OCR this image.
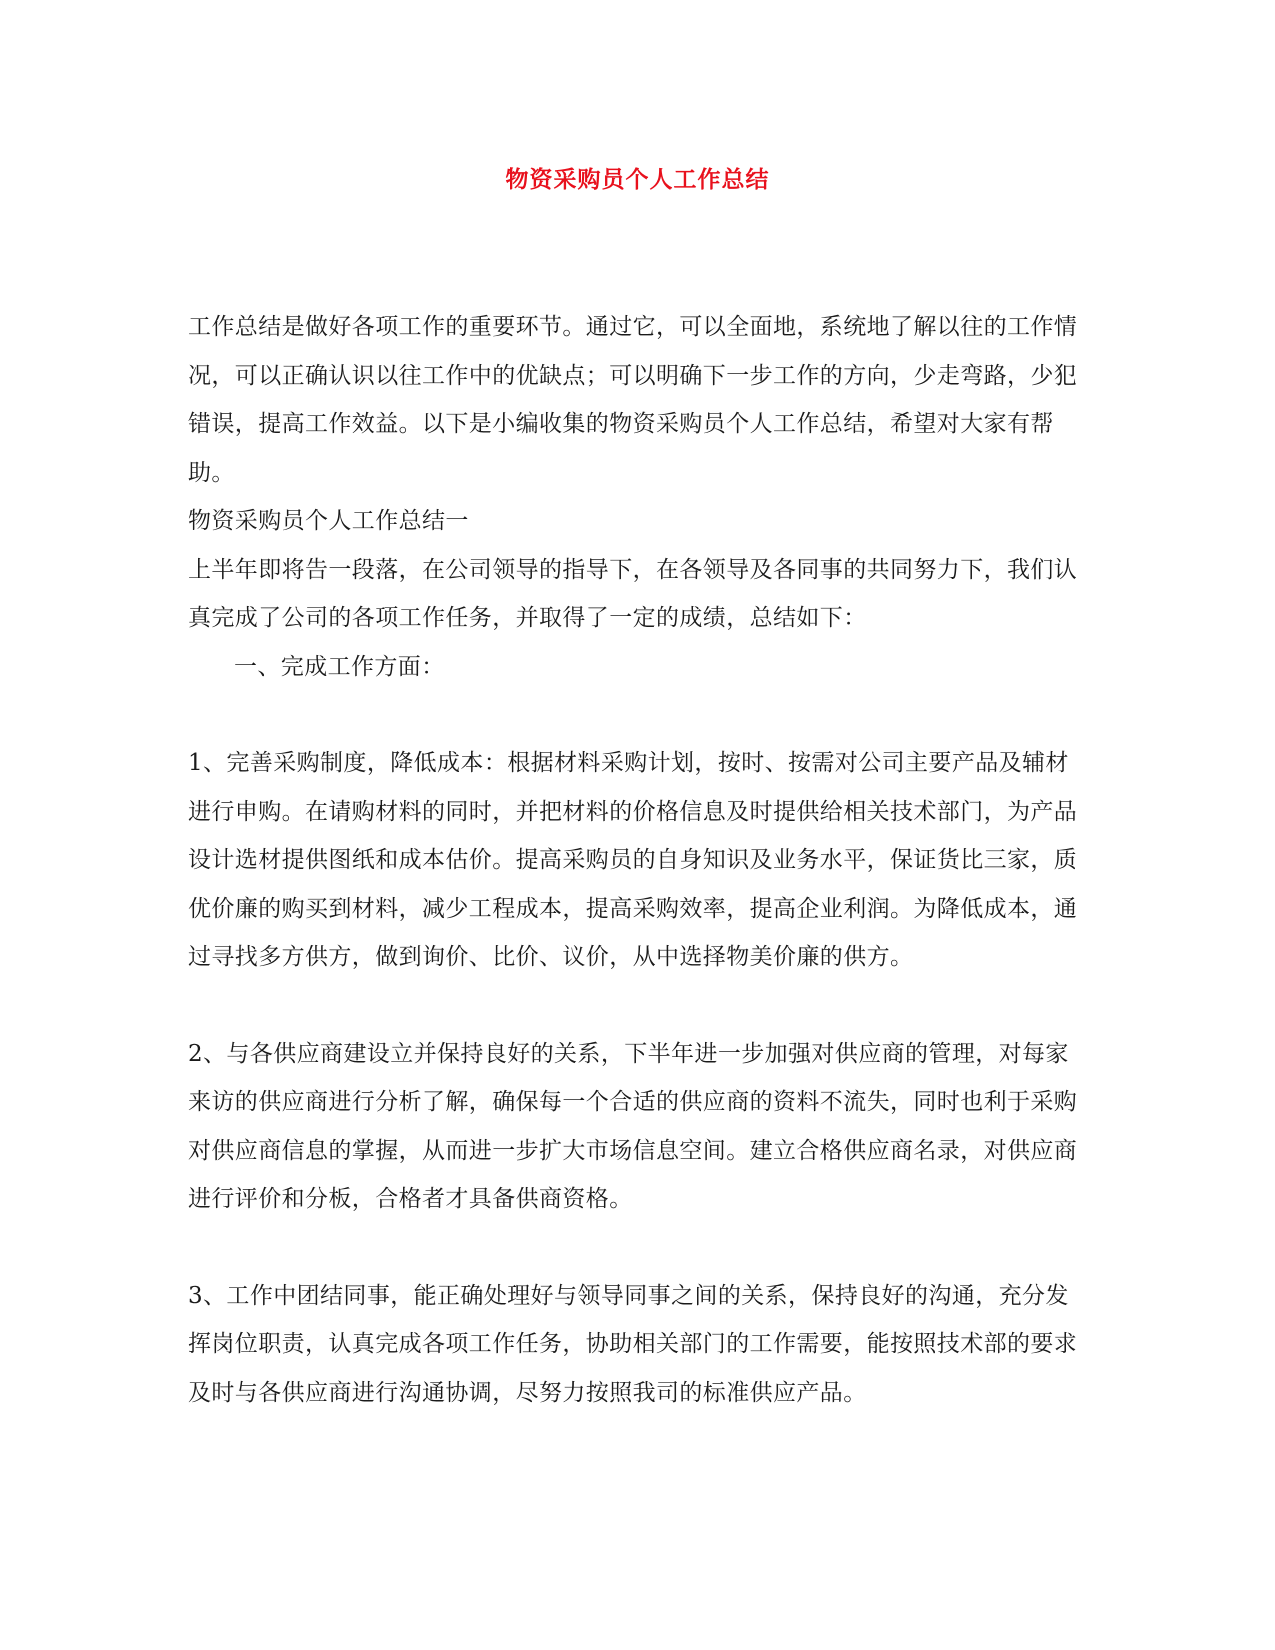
物资采购员个人工作总结

工作总结是做好各项工作的重要环节。通过它，可以全面地，系统地了解以往的工作情况，可以正确认识以往工作中的优缺点；可以明确下一步工作的方向，少走弯路，少犯错误，提高工作效益。以下是小编收集的物资采购员个人工作总结，希望对大家有帮助。

物资采购员个人工作总结一

上半年即将告一段落，在公司领导的指导下，在各领导及各同事的共同努力下，我们认真完成了公司的各项工作任务，并取得了一定的成绩，总结如下：

一、完成工作方面：

1、完善采购制度，降低成本：根据材料采购计划，按时、按需对公司主要产品及辅材进行申购。在请购材料的同时，并把材料的价格信息及时提供给相关技术部门，为产品设计选材提供图纸和成本估价。提高采购员的自身知识及业务水平，保证货比三家，质优价廉的购买到材料，减少工程成本，提高采购效率，提高企业利润。为降低成本，通过寻找多方供方，做到询价、比价、议价，从中选择物美价廉的供方。

2、与各供应商建设立并保持良好的关系，下半年进一步加强对供应商的管理，对每家来访的供应商进行分析了解，确保每一个合适的供应商的资料不流失，同时也利于采购对供应商信息的掌握，从而进一步扩大市场信息空间。建立合格供应商名录，对供应商进行评价和分板，合格者才具备供商资格。

3、工作中团结同事，能正确处理好与领导同事之间的关系，保持良好的沟通，充分发挥岗位职责，认真完成各项工作任务，协助相关部门的工作需要，能按照技术部的要求及时与各供应商进行沟通协调，尽努力按照我司的标准供应产品。
